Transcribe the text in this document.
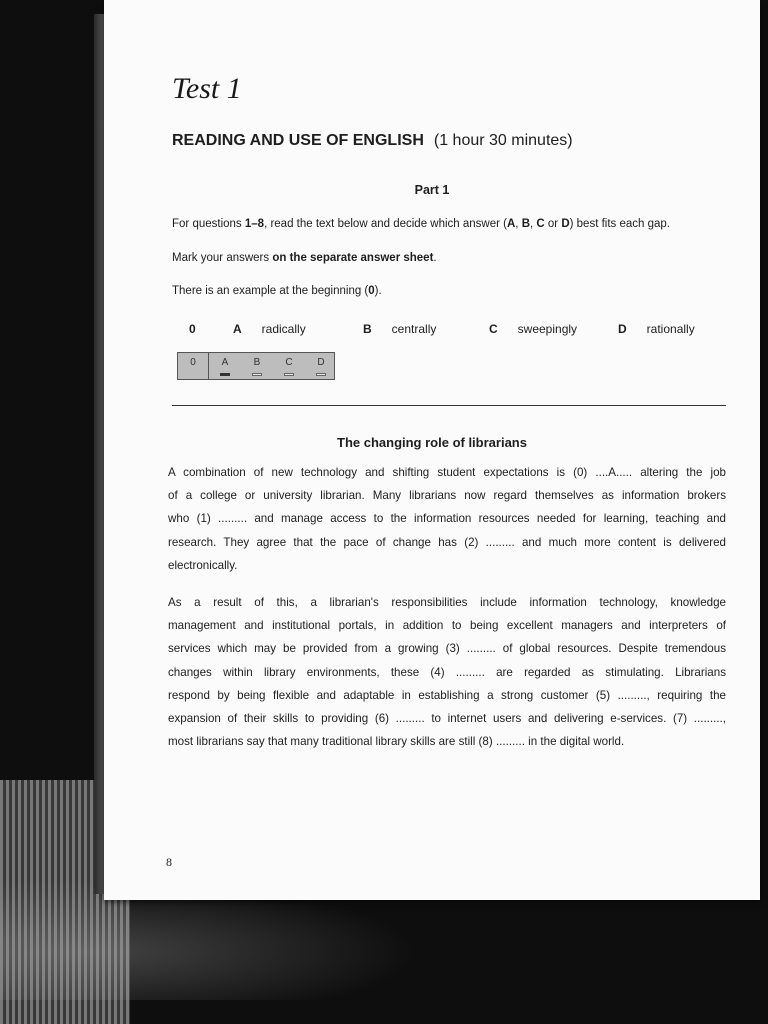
Test 1
READING AND USE OF ENGLISH (1 hour 30 minutes)
Part 1
For questions 1–8, read the text below and decide which answer (A, B, C or D) best fits each gap.
Mark your answers on the separate answer sheet.
There is an example at the beginning (0).
0	A radically	B centrally	C sweepingly	D rationally
0	A	B	C	D
The changing role of librarians
A combination of new technology and shifting student expectations is (0) ....A..... altering the job
of a college or university librarian. Many librarians now regard themselves as information brokers
who (1) ......... and manage access to the information resources needed for learning, teaching and
research. They agree that the pace of change has (2) ......... and much more content is delivered
electronically.
As a result of this, a librarian's responsibilities include information technology, knowledge
management and institutional portals, in addition to being excellent managers and interpreters of
services which may be provided from a growing (3) ......... of global resources. Despite tremendous
changes within library environments, these (4) ......... are regarded as stimulating. Librarians
respond by being flexible and adaptable in establishing a strong customer (5) ........., requiring the
expansion of their skills to providing (6) ......... to internet users and delivering e-services. (7) .........,
most librarians say that many traditional library skills are still (8) ......... in the digital world.
8
